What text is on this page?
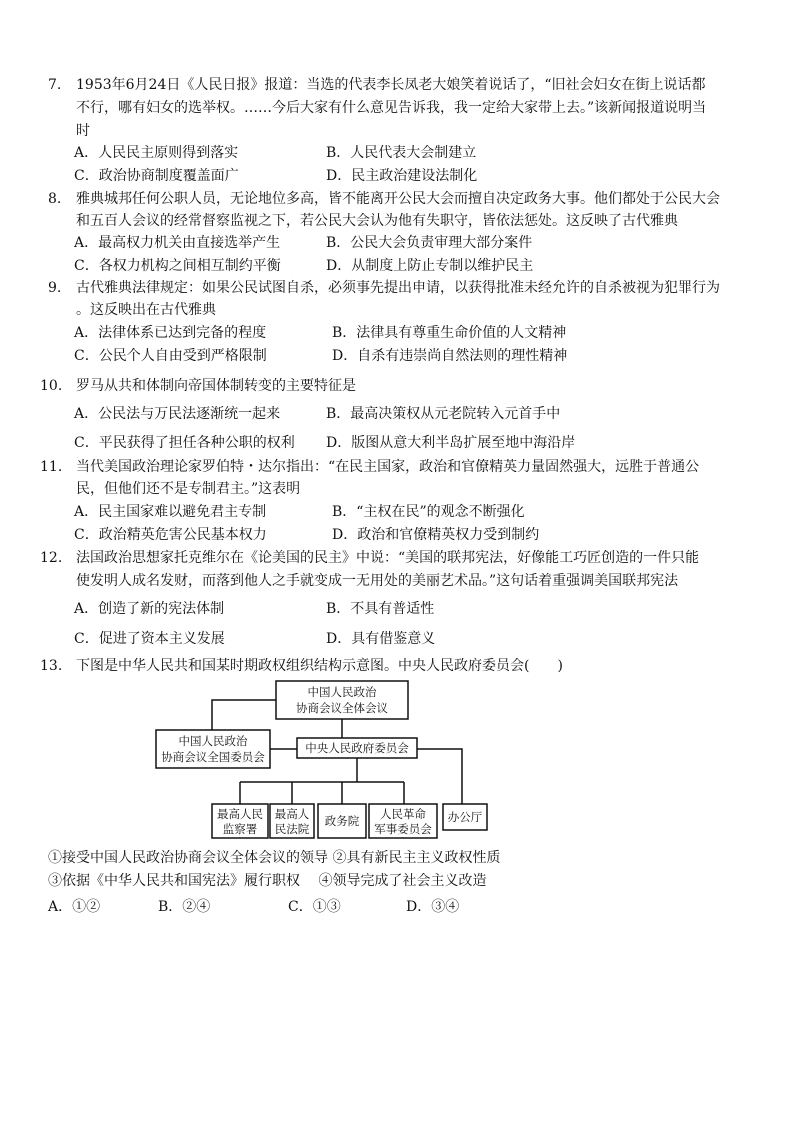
7. 1953年6月24日《人民日报》报道：当选的代表李长凤老大娘笑着说话了，“旧社会妇女在街上说话都
不行，哪有妇女的选举权。……今后大家有什么意见告诉我，我一定给大家带上去。”该新闻报道说明当
时
A．人民民主原则得到落实	B．人民代表大会制建立
C．政治协商制度覆盖面广	D．民主政治建设法制化
8. 雅典城邦任何公职人员，无论地位多高，皆不能离开公民大会而擅自决定政务大事。他们都处于公民大会
和五百人会议的经常督察监视之下，若公民大会认为他有失职守，皆依法惩处。这反映了古代雅典
A．最高权力机关由直接选举产生	B．公民大会负责审理大部分案件
C．各权力机构之间相互制约平衡	D．从制度上防止专制以维护民主
9. 古代雅典法律规定：如果公民试图自杀，必须事先提出申请，以获得批准未经允许的自杀被视为犯罪行为
。这反映出在古代雅典
A．法律体系已达到完备的程度	B．法律具有尊重生命价值的人文精神
C．公民个人自由受到严格限制	D．自杀有违崇尚自然法则的理性精神
10. 罗马从共和体制向帝国体制转变的主要特征是
A．公民法与万民法逐渐统一起来	B．最高决策权从元老院转入元首手中
C．平民获得了担任各种公职的权利 D．版图从意大利半岛扩展至地中海沿岸
11. 当代美国政治理论家罗伯特・达尔指出：“在民主国家，政治和官僚精英力量固然强大，远胜于普通公
民，但他们还不是专制君主。”这表明
A．民主国家难以避免君主专制	B．“主权在民”的观念不断强化
C．政治精英危害公民基本权力	D．政治和官僚精英权力受到制约
12. 法国政治思想家托克维尔在《论美国的民主》中说：“美国的联邦宪法，好像能工巧匠创造的一件只能
使发明人成名发财，而落到他人之手就变成一无用处的美丽艺术品。”这句话着重强调美国联邦宪法
A．创造了新的宪法体制	B．不具有普适性
C．促进了资本主义发展	D．具有借鉴意义
13. 下图是中华人民共和国某时期政权组织结构示意图。中央人民政府委员会(　　)
中国人民政治
协商会议全体会议
中国人民政治
协商会议全国委员会
中央人民政府委员会
最高人民
监察署
最高人
民法院
政务院 人民革命
军事委员会
办公厅
①接受中国人民政治协商会议全体会议的领导 ②具有新民主主义政权性质
③依据《中华人民共和国宪法》履行职权　 ④领导完成了社会主义改造
A．①②	B．②④	C．①③	D．③④
